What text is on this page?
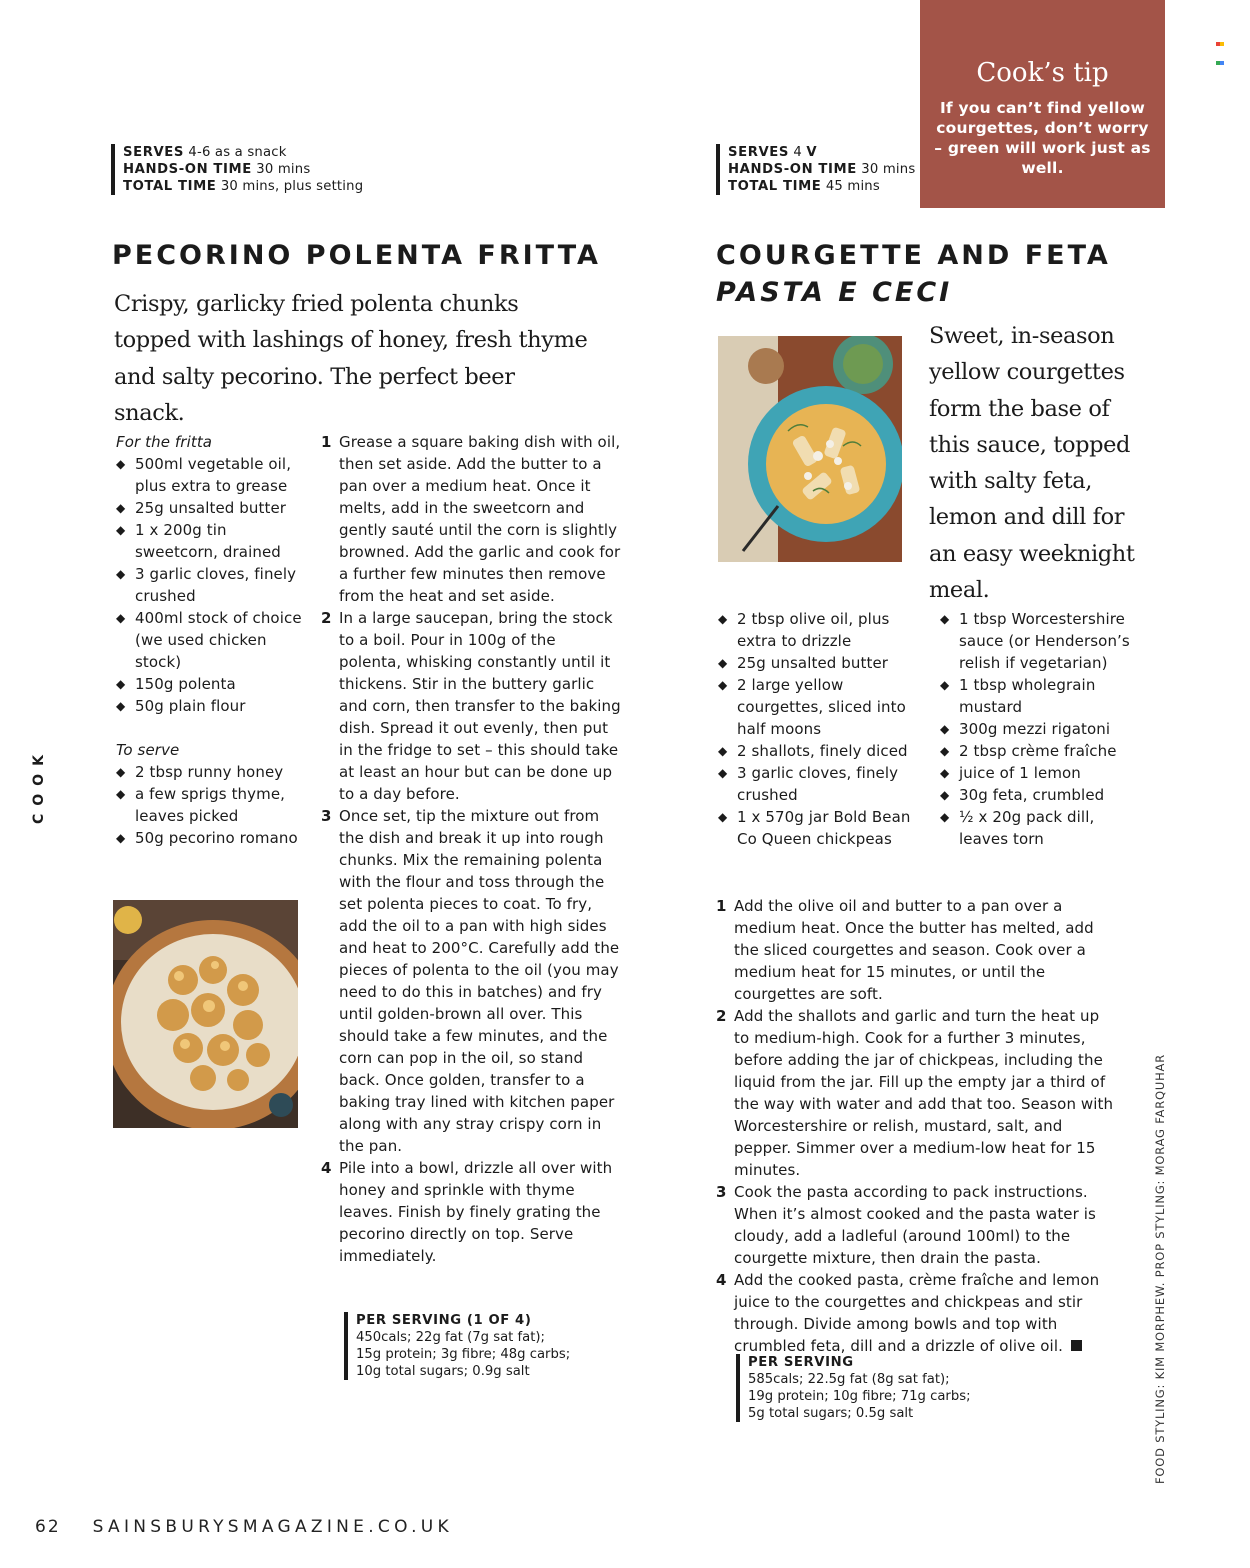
Cook’s tip
If you can’t find yellow courgettes, don’t worry – green will work just as well.
SERVES 4-6 as a snack
HANDS-ON TIME 30 mins
TOTAL TIME 30 mins, plus setting
PECORINO POLENTA FRITTA

Crispy, garlicky fried polenta chunks topped with lashings of honey, fresh thyme and salty pecorino. The perfect beer snack.

For the fritta
◆ 500ml vegetable oil, plus extra to grease
◆ 25g unsalted butter
◆ 1 x 200g tin sweetcorn, drained
◆ 3 garlic cloves, finely crushed
◆ 400ml stock of choice (we used chicken stock)
◆ 150g polenta
◆ 50g plain flour
To serve
◆ 2 tbsp runny honey
◆ a few sprigs thyme, leaves picked
◆ 50g pecorino romano
1 Grease a square baking dish with oil, then set aside. Add the butter to a pan over a medium heat. Once it melts, add in the sweetcorn and gently sauté until the corn is slightly browned. Add the garlic and cook for a further few minutes then remove from the heat and set aside.
2 In a large saucepan, bring the stock to a boil. Pour in 100g of the polenta, whisking constantly until it thickens. Stir in the buttery garlic and corn, then transfer to the baking dish. Spread it out evenly, then put in the fridge to set – this should take at least an hour but can be done up to a day before.
3 Once set, tip the mixture out from the dish and break it up into rough chunks. Mix the remaining polenta with the flour and toss through the set polenta pieces to coat. To fry, add the oil to a pan with high sides and heat to 200°C. Carefully add the pieces of polenta to the oil (you may need to do this in batches) and fry until golden-brown all over. This should take a few minutes, and the corn can pop in the oil, so stand back. Once golden, transfer to a baking tray lined with kitchen paper along with any stray crispy corn in the pan.
4 Pile into a bowl, drizzle all over with honey and sprinkle with thyme leaves. Finish by finely grating the pecorino directly on top. Serve immediately.
PER SERVING (1 OF 4)
450cals; 22g fat (7g sat fat);
15g protein; 3g fibre; 48g carbs;
10g total sugars; 0.9g salt
SERVES 4 V
HANDS-ON TIME 30 mins
TOTAL TIME 45 mins
COURGETTE AND FETA
PASTA E CECI

Sweet, in-season yellow courgettes form the base of this sauce, topped with salty feta, lemon and dill for an easy weeknight meal.

◆ 2 tbsp olive oil, plus extra to drizzle
◆ 25g unsalted butter
◆ 2 large yellow courgettes, sliced into half moons
◆ 2 shallots, finely diced
◆ 3 garlic cloves, finely crushed
◆ 1 x 570g jar Bold Bean Co Queen chickpeas
◆ 1 tbsp Worcestershire sauce (or Henderson’s relish if vegetarian)
◆ 1 tbsp wholegrain mustard
◆ 300g mezzi rigatoni
◆ 2 tbsp crème fraîche
◆ juice of 1 lemon
◆ 30g feta, crumbled
◆ ½ x 20g pack dill, leaves torn
1 Add the olive oil and butter to a pan over a medium heat. Once the butter has melted, add the sliced courgettes and season. Cook over a medium heat for 15 minutes, or until the courgettes are soft.
2 Add the shallots and garlic and turn the heat up to medium-high. Cook for a further 3 minutes, before adding the jar of chickpeas, including the liquid from the jar. Fill up the empty jar a third of the way with water and add that too. Season with Worcestershire or relish, mustard, salt, and pepper. Simmer over a medium-low heat for 15 minutes.
3 Cook the pasta according to pack instructions. When it’s almost cooked and the pasta water is cloudy, add a ladleful (around 100ml) to the courgette mixture, then drain the pasta.
4 Add the cooked pasta, crème fraîche and lemon juice to the courgettes and chickpeas and stir through. Divide among bowls and top with crumbled feta, dill and a drizzle of olive oil.
PER SERVING
585cals; 22.5g fat (8g sat fat);
19g protein; 10g fibre; 71g carbs;
5g total sugars; 0.5g salt
COOK
FOOD STYLING: KIM MORPHEW. PROP STYLING: MORAG FARQUHAR
62 SAINSBURYSMAGAZINE.CO.UK
